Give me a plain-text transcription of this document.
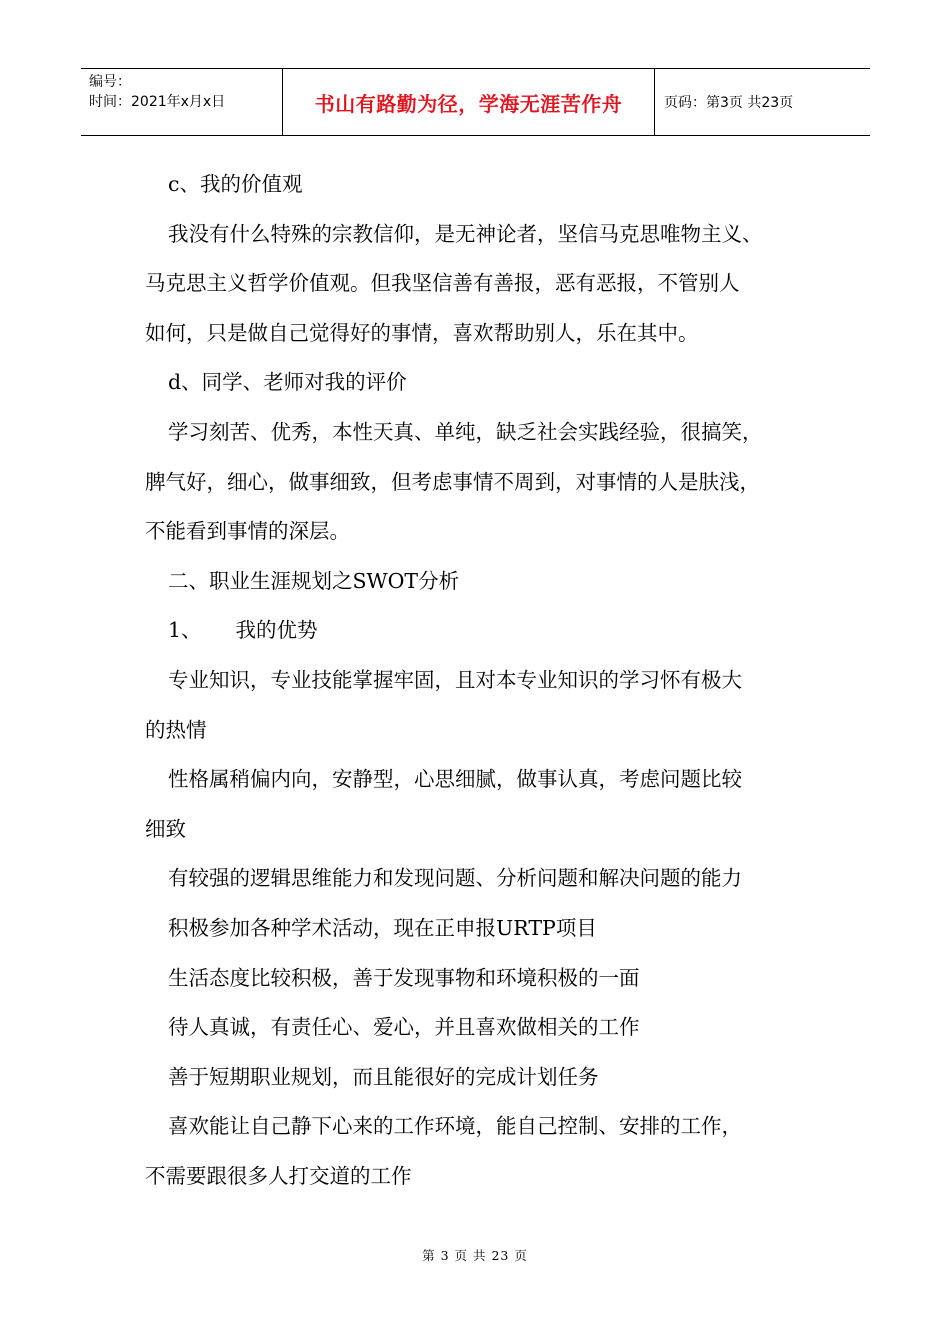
编号：
时间：2021年x月x日	书山有路勤为径，学海无涯苦作舟	页码：第3页 共23页

c、我的价值观

我没有什么特殊的宗教信仰，是无神论者，坚信马克思唯物主义、

马克思主义哲学价值观。但我坚信善有善报，恶有恶报，不管别人

如何，只是做自己觉得好的事情，喜欢帮助别人，乐在其中。

d、同学、老师对我的评价

学习刻苦、优秀，本性天真、单纯，缺乏社会实践经验，很搞笑，

脾气好，细心，做事细致，但考虑事情不周到，对事情的人是肤浅，

不能看到事情的深层。

二、职业生涯规划之SWOT分析

1、 我的优势

专业知识，专业技能掌握牢固，且对本专业知识的学习怀有极大

的热情

性格属稍偏内向，安静型，心思细腻，做事认真，考虑问题比较

细致

有较强的逻辑思维能力和发现问题、分析问题和解决问题的能力

积极参加各种学术活动，现在正申报URTP项目

生活态度比较积极，善于发现事物和环境积极的一面

待人真诚，有责任心、爱心，并且喜欢做相关的工作

善于短期职业规划，而且能很好的完成计划任务

喜欢能让自己静下心来的工作环境，能自己控制、安排的工作，

不需要跟很多人打交道的工作

第 3 页 共 23 页
